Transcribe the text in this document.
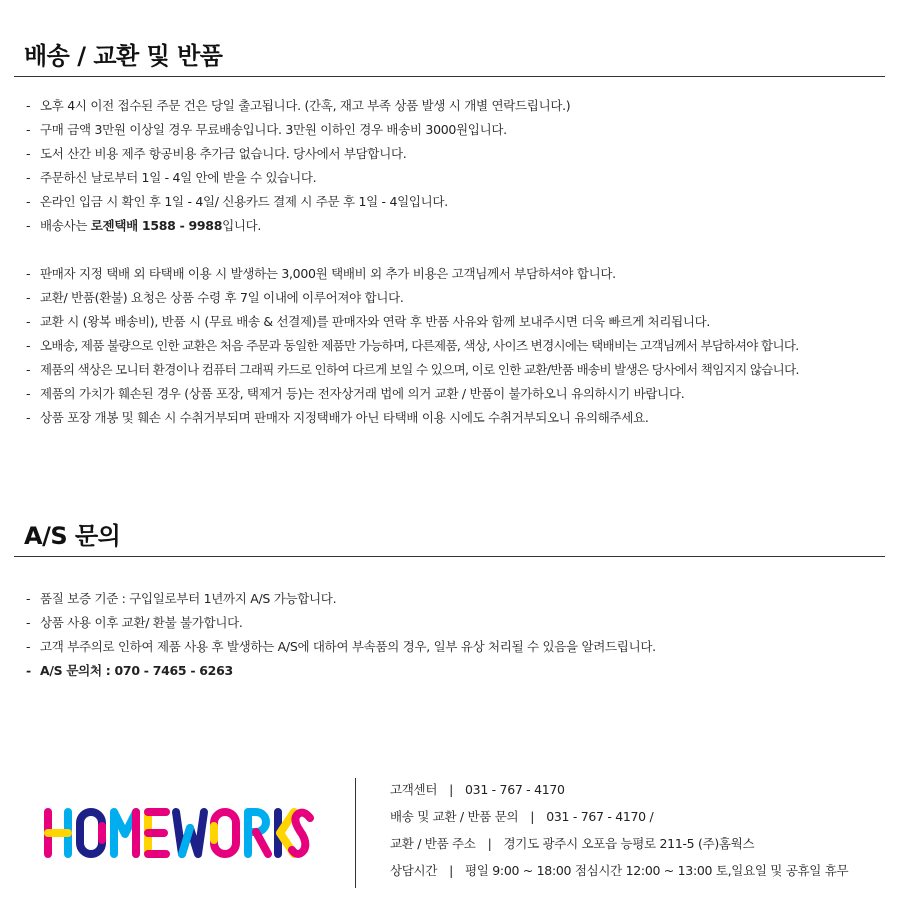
배송 / 교환 및 반품
- 오후 4시 이전 접수된 주문 건은 당일 출고됩니다. (간혹, 재고 부족 상품 발생 시 개별 연락드립니다.)
- 구매 금액 3만원 이상일 경우 무료배송입니다. 3만원 이하인 경우 배송비 3000원입니다.
- 도서 산간 비용 제주 항공비용 추가금 없습니다. 당사에서 부담합니다.
- 주문하신 날로부터 1일 - 4일 안에 받을 수 있습니다.
- 온라인 입금 시 확인 후 1일 - 4일/ 신용카드 결제 시 주문 후 1일 - 4일입니다.
- 배송사는 로젠택배 1588 - 9988입니다.
- 판매자 지정 택배 외 타택배 이용 시 발생하는 3,000원 택배비 외 추가 비용은 고객님께서 부담하셔야 합니다.
- 교환/ 반품(환불) 요청은 상품 수령 후 7일 이내에 이루어져야 합니다.
- 교환 시 (왕복 배송비), 반품 시 (무료 배송 & 선결제)를 판매자와 연락 후 반품 사유와 함께 보내주시면 더욱 빠르게 처리됩니다.
- 오배송, 제품 불량으로 인한 교환은 처음 주문과 동일한 제품만 가능하며, 다른제품, 색상, 사이즈 변경시에는 택배비는 고객님께서 부담하셔야 합니다.
- 제품의 색상은 모니터 환경이나 컴퓨터 그래픽 카드로 인하여 다르게 보일 수 있으며, 이로 인한 교환/반품 배송비 발생은 당사에서 책임지지 않습니다.
- 제품의 가치가 훼손된 경우 (상품 포장, 택제거 등)는 전자상거래 법에 의거 교환 / 반품이 불가하오니 유의하시기 바랍니다.
- 상품 포장 개봉 및 훼손 시 수취거부되며 판매자 지정택배가 아닌 타택배 이용 시에도 수취거부되오니 유의해주세요.
A/S 문의
- 품질 보증 기준 : 구입일로부터 1년까지 A/S 가능합니다.
- 상품 사용 이후 교환/ 환불 불가합니다.
- 고객 부주의로 인하여 제품 사용 후 발생하는 A/S에 대하여 부속품의 경우, 일부 유상 처리될 수 있음을 알려드립니다.
- A/S 문의처 : 070 - 7465 - 6263
고객센터 | 031 - 767 - 4170
배송 및 교환 / 반품 문의 | 031 - 767 - 4170 /
교환 / 반품 주소 | 경기도 광주시 오포읍 능평로 211-5 (주)홈웍스
상담시간 | 평일 9:00 ~ 18:00 점심시간 12:00 ~ 13:00 토,일요일 및 공휴일 휴무
